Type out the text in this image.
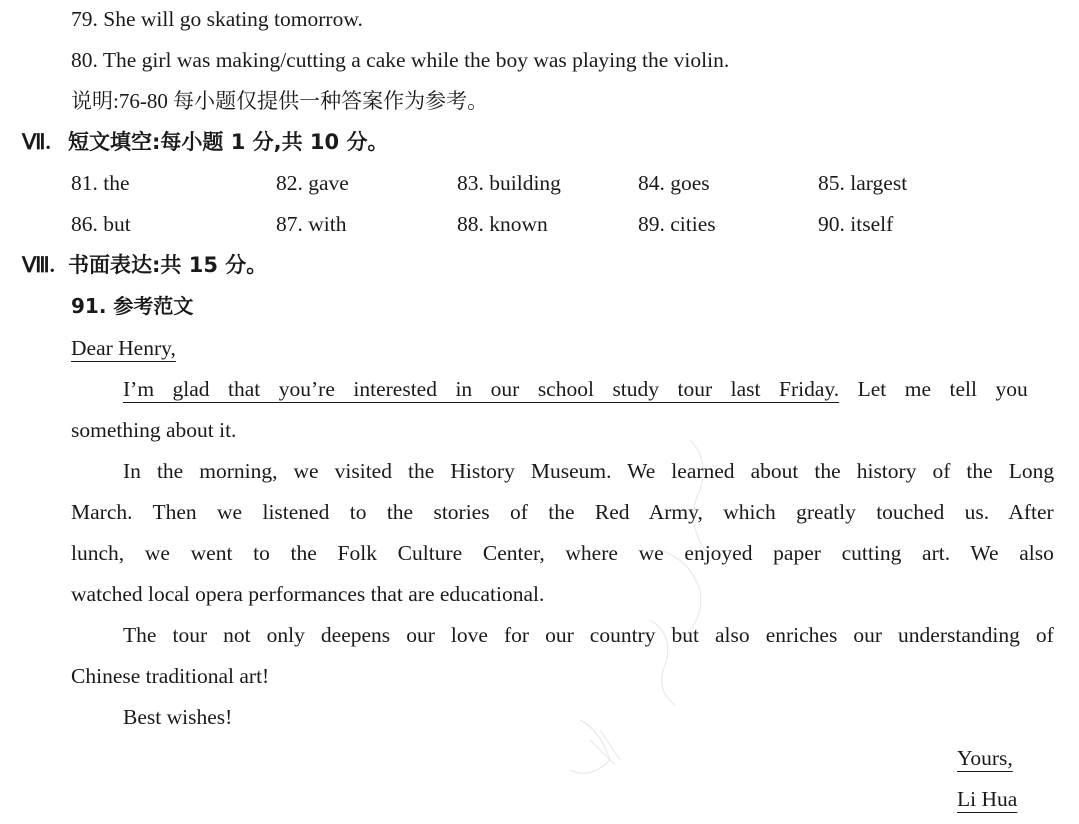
79. She will go skating tomorrow.
80. The girl was making/cutting a cake while the boy was playing the violin.
说明:76-80 每小题仅提供一种答案作为参考。
Ⅶ. 短文填空:每小题 1 分,共 10 分。
81. the	82. gave	83. building	84. goes	85. largest
86. but	87. with	88. known	89. cities	90. itself
Ⅷ. 书面表达:共 15 分。
91. 参考范文
Dear Henry,
I’m glad that you’re interested in our school study tour last Friday. Let me tell you
something about it.
In the morning, we visited the History Museum. We learned about the history of the Long
March. Then we listened to the stories of the Red Army, which greatly touched us. After
lunch, we went to the Folk Culture Center, where we enjoyed paper cutting art. We also
watched local opera performances that are educational.
The tour not only deepens our love for our country but also enriches our understanding of
Chinese traditional art!
Best wishes!
Yours,
Li Hua
